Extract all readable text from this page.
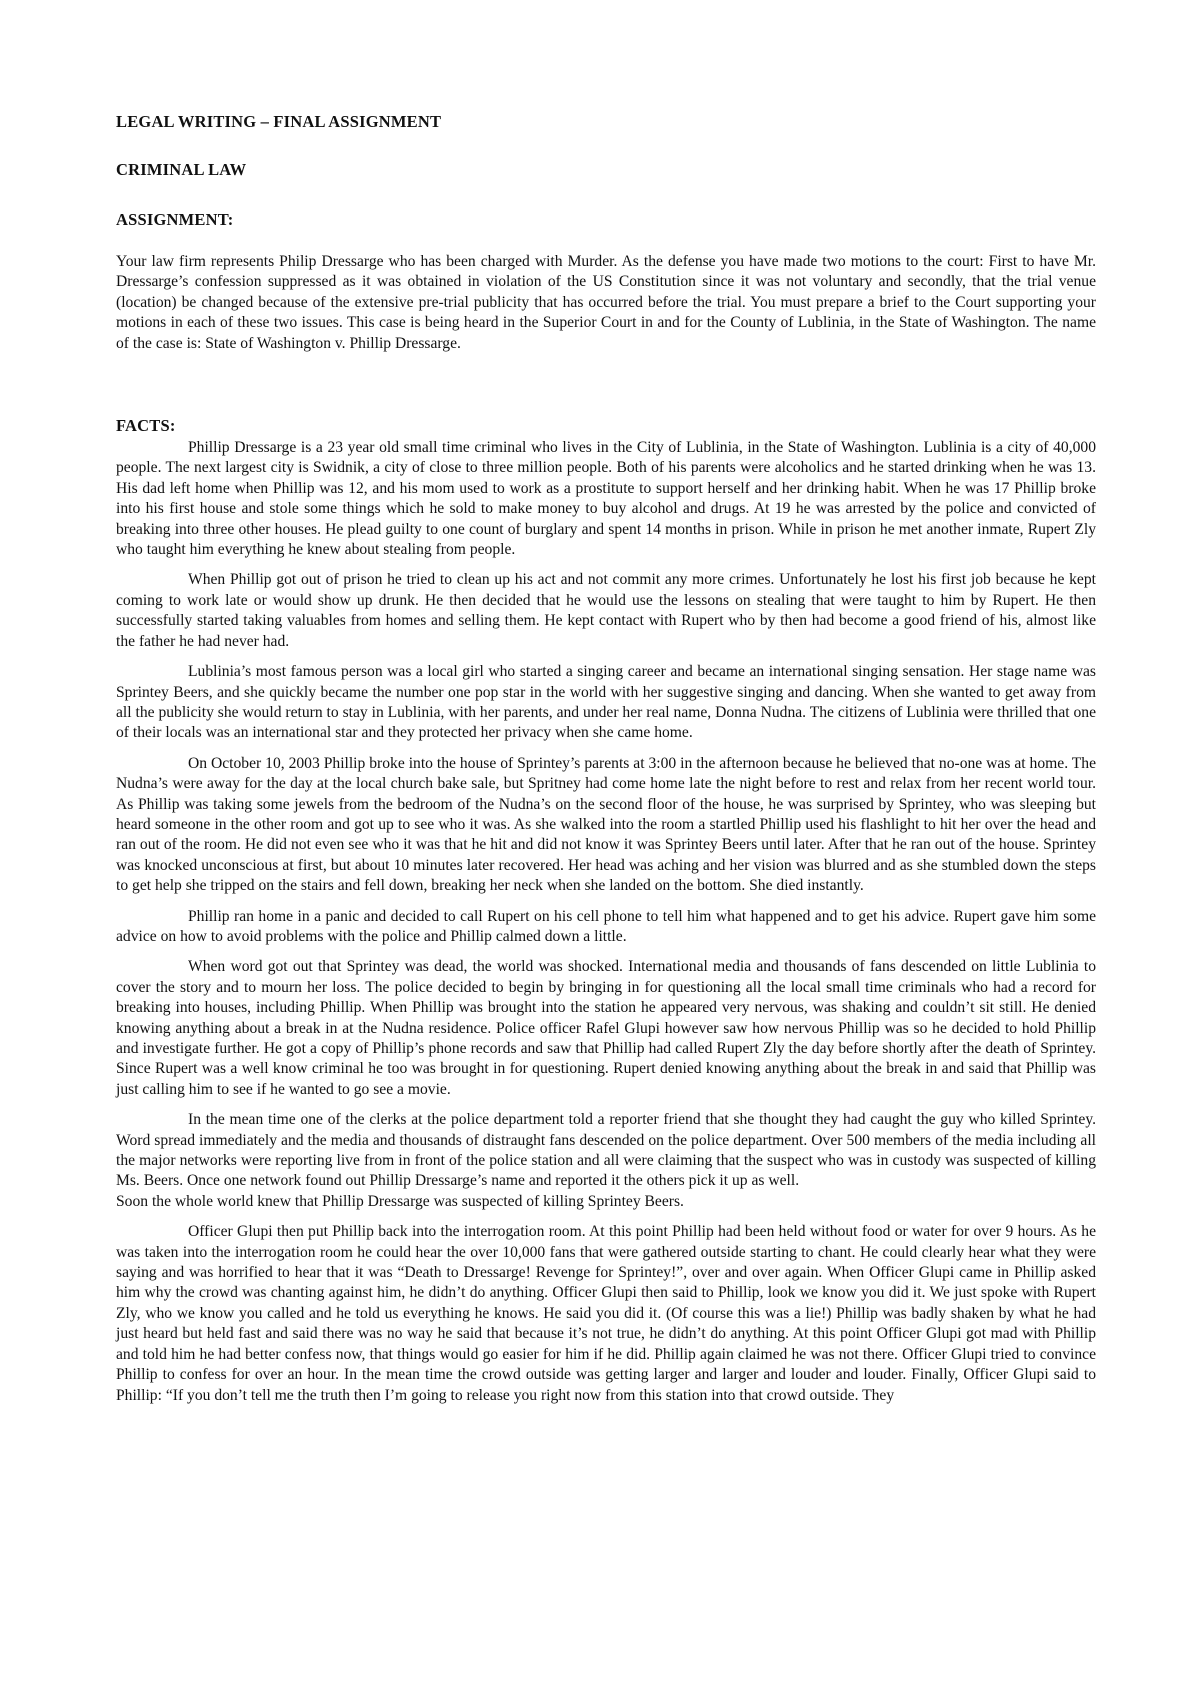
LEGAL WRITING – FINAL ASSIGNMENT
CRIMINAL LAW
ASSIGNMENT:

Your law firm represents Philip Dressarge who has been charged with Murder. As the defense you have made two motions to the court: First to have Mr. Dressarge’s confession suppressed as it was obtained in violation of the US Constitution since it was not voluntary and secondly, that the trial venue (location) be changed because of the extensive pre-trial publicity that has occurred before the trial. You must prepare a brief to the Court supporting your motions in each of these two issues. This case is being heard in the Superior Court in and for the County of Lublinia, in the State of Washington. The name of the case is: State of Washington v. Phillip Dressarge.

FACTS:

Phillip Dressarge is a 23 year old small time criminal who lives in the City of Lublinia, in the State of Washington. Lublinia is a city of 40,000 people. The next largest city is Swidnik, a city of close to three million people. Both of his parents were alcoholics and he started drinking when he was 13. His dad left home when Phillip was 12, and his mom used to work as a prostitute to support herself and her drinking habit. When he was 17 Phillip broke into his first house and stole some things which he sold to make money to buy alcohol and drugs. At 19 he was arrested by the police and convicted of breaking into three other houses. He plead guilty to one count of burglary and spent 14 months in prison. While in prison he met another inmate, Rupert Zly who taught him everything he knew about stealing from people.

When Phillip got out of prison he tried to clean up his act and not commit any more crimes. Unfortunately he lost his first job because he kept coming to work late or would show up drunk. He then decided that he would use the lessons on stealing that were taught to him by Rupert. He then successfully started taking valuables from homes and selling them. He kept contact with Rupert who by then had become a good friend of his, almost like the father he had never had.

Lublinia’s most famous person was a local girl who started a singing career and became an international singing sensation. Her stage name was Sprintey Beers, and she quickly became the number one pop star in the world with her suggestive singing and dancing. When she wanted to get away from all the publicity she would return to stay in Lublinia, with her parents, and under her real name, Donna Nudna. The citizens of Lublinia were thrilled that one of their locals was an international star and they protected her privacy when she came home.

On October 10, 2003 Phillip broke into the house of Sprintey’s parents at 3:00 in the afternoon because he believed that no-one was at home. The Nudna’s were away for the day at the local church bake sale, but Spritney had come home late the night before to rest and relax from her recent world tour. As Phillip was taking some jewels from the bedroom of the Nudna’s on the second floor of the house, he was surprised by Sprintey, who was sleeping but heard someone in the other room and got up to see who it was. As she walked into the room a startled Phillip used his flashlight to hit her over the head and ran out of the room. He did not even see who it was that he hit and did not know it was Sprintey Beers until later. After that he ran out of the house. Sprintey was knocked unconscious at first, but about 10 minutes later recovered. Her head was aching and her vision was blurred and as she stumbled down the steps to get help she tripped on the stairs and fell down, breaking her neck when she landed on the bottom. She died instantly.

Phillip ran home in a panic and decided to call Rupert on his cell phone to tell him what happened and to get his advice. Rupert gave him some advice on how to avoid problems with the police and Phillip calmed down a little.

When word got out that Sprintey was dead, the world was shocked. International media and thousands of fans descended on little Lublinia to cover the story and to mourn her loss. The police decided to begin by bringing in for questioning all the local small time criminals who had a record for breaking into houses, including Phillip. When Phillip was brought into the station he appeared very nervous, was shaking and couldn’t sit still. He denied knowing anything about a break in at the Nudna residence. Police officer Rafel Glupi however saw how nervous Phillip was so he decided to hold Phillip and investigate further. He got a copy of Phillip’s phone records and saw that Phillip had called Rupert Zly the day before shortly after the death of Sprintey. Since Rupert was a well know criminal he too was brought in for questioning. Rupert denied knowing anything about the break in and said that Phillip was just calling him to see if he wanted to go see a movie.

In the mean time one of the clerks at the police department told a reporter friend that she thought they had caught the guy who killed Sprintey. Word spread immediately and the media and thousands of distraught fans descended on the police department. Over 500 members of the media including all the major networks were reporting live from in front of the police station and all were claiming that the suspect who was in custody was suspected of killing Ms. Beers. Once one network found out Phillip Dressarge’s name and reported it the others pick it up as well.

Soon the whole world knew that Phillip Dressarge was suspected of killing Sprintey Beers.

Officer Glupi then put Phillip back into the interrogation room. At this point Phillip had been held without food or water for over 9 hours. As he was taken into the interrogation room he could hear the over 10,000 fans that were gathered outside starting to chant. He could clearly hear what they were saying and was horrified to hear that it was “Death to Dressarge! Revenge for Sprintey!”, over and over again. When Officer Glupi came in Phillip asked him why the crowd was chanting against him, he didn’t do anything. Officer Glupi then said to Phillip, look we know you did it. We just spoke with Rupert Zly, who we know you called and he told us everything he knows. He said you did it. (Of course this was a lie!) Phillip was badly shaken by what he had just heard but held fast and said there was no way he said that because it’s not true, he didn’t do anything. At this point Officer Glupi got mad with Phillip and told him he had better confess now, that things would go easier for him if he did. Phillip again claimed he was not there. Officer Glupi tried to convince Phillip to confess for over an hour. In the mean time the crowd outside was getting larger and larger and louder and louder. Finally, Officer Glupi said to Phillip: “If you don’t tell me the truth then I’m going to release you right now from this station into that crowd outside. They
